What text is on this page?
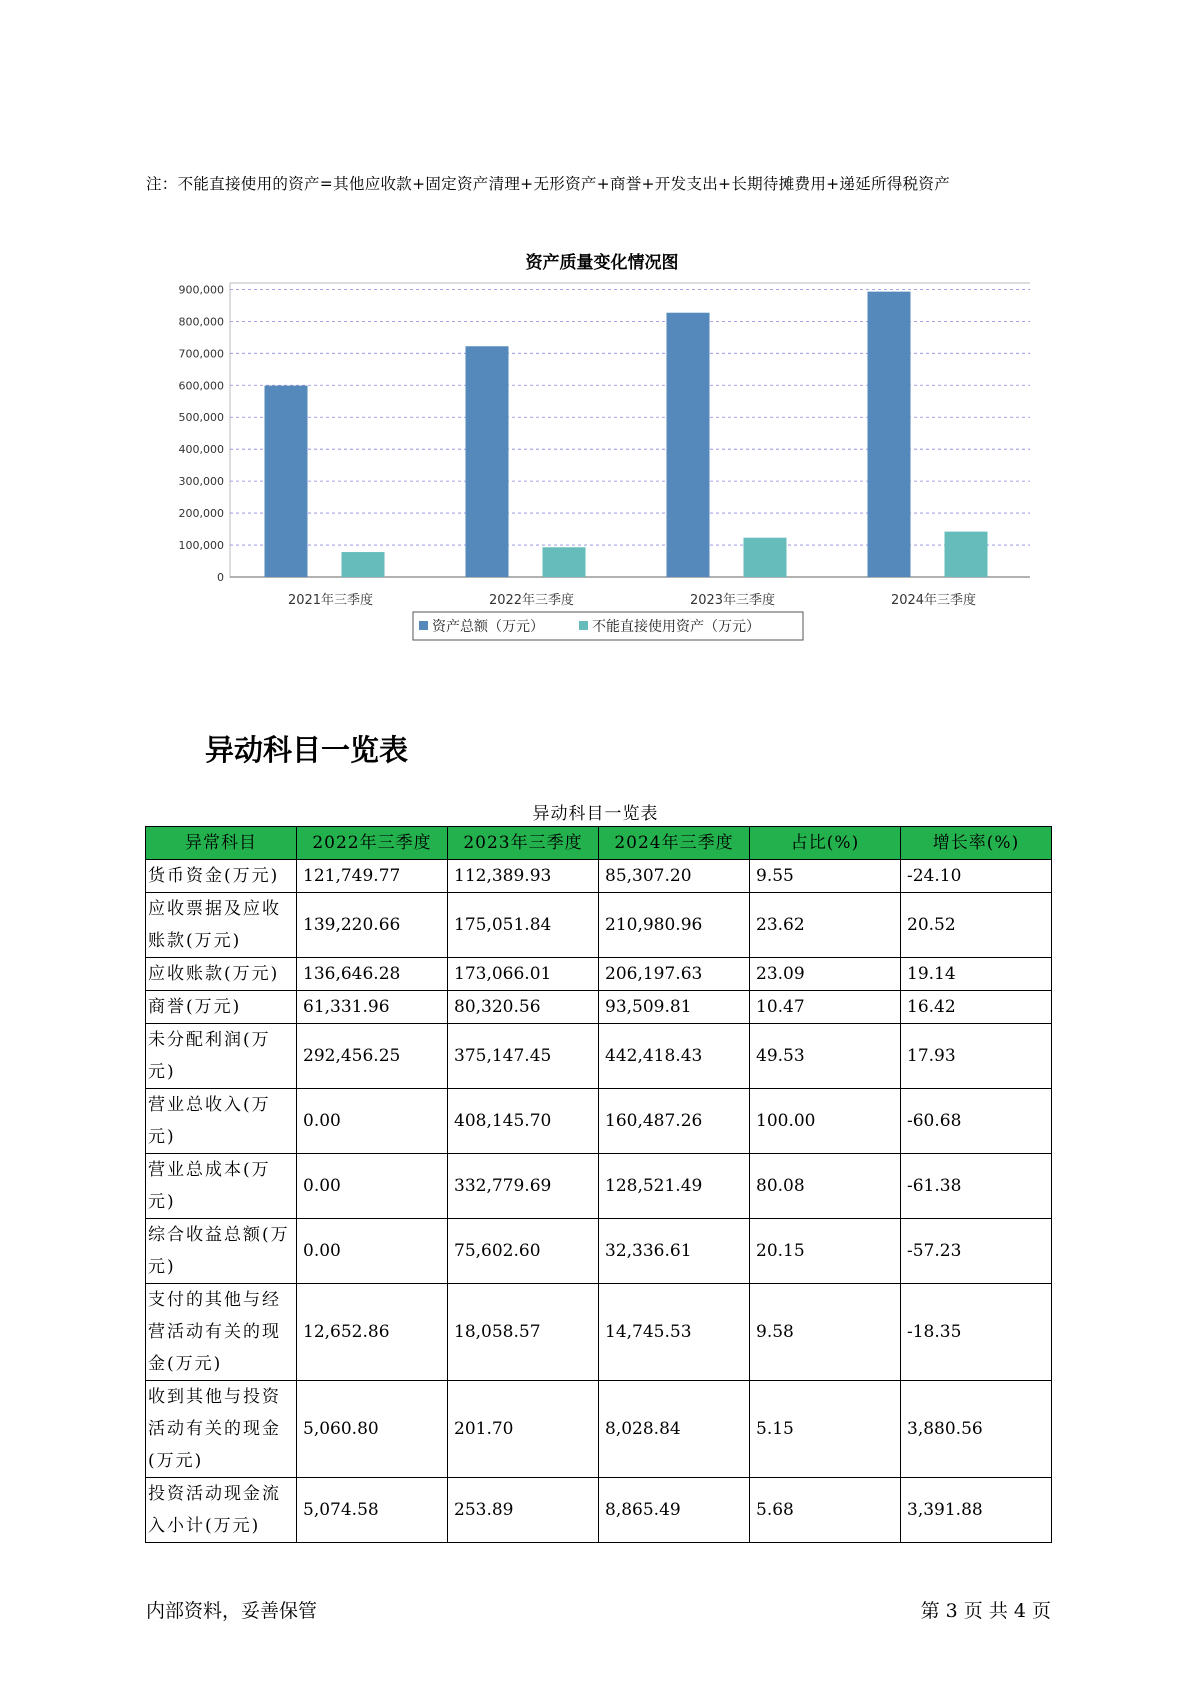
注：不能直接使用的资产=其他应收款+固定资产清理+无形资产+商誉+开发支出+长期待摊费用+递延所得税资产
资产质量变化情况图
0
100,000
200,000
300,000
400,000
500,000
600,000
700,000
800,000
900,000
2021年三季度	2022年三季度	2023年三季度	2024年三季度
资产总额（万元）	不能直接使用资产（万元）
异动科目一览表
异动科目一览表
异常科目	2022年三季度	2023年三季度	2024年三季度	占比(%)	增长率(%)
货币资金(万元)	121,749.77	112,389.93	85,307.20	9.55	-24.10
应收票据及应收账款(万元)	139,220.66	175,051.84	210,980.96	23.62	20.52
应收账款(万元)	136,646.28	173,066.01	206,197.63	23.09	19.14
商誉(万元)	61,331.96	80,320.56	93,509.81	10.47	16.42
未分配利润(万元)	292,456.25	375,147.45	442,418.43	49.53	17.93
营业总收入(万元)	0.00	408,145.70	160,487.26	100.00	-60.68
营业总成本(万元)	0.00	332,779.69	128,521.49	80.08	-61.38
综合收益总额(万元)	0.00	75,602.60	32,336.61	20.15	-57.23
支付的其他与经营活动有关的现金(万元)	12,652.86	18,058.57	14,745.53	9.58	-18.35
收到其他与投资活动有关的现金(万元)	5,060.80	201.70	8,028.84	5.15	3,880.56
投资活动现金流入小计(万元)	5,074.58	253.89	8,865.49	5.68	3,391.88
内部资料，妥善保管	第 3 页 共 4 页
